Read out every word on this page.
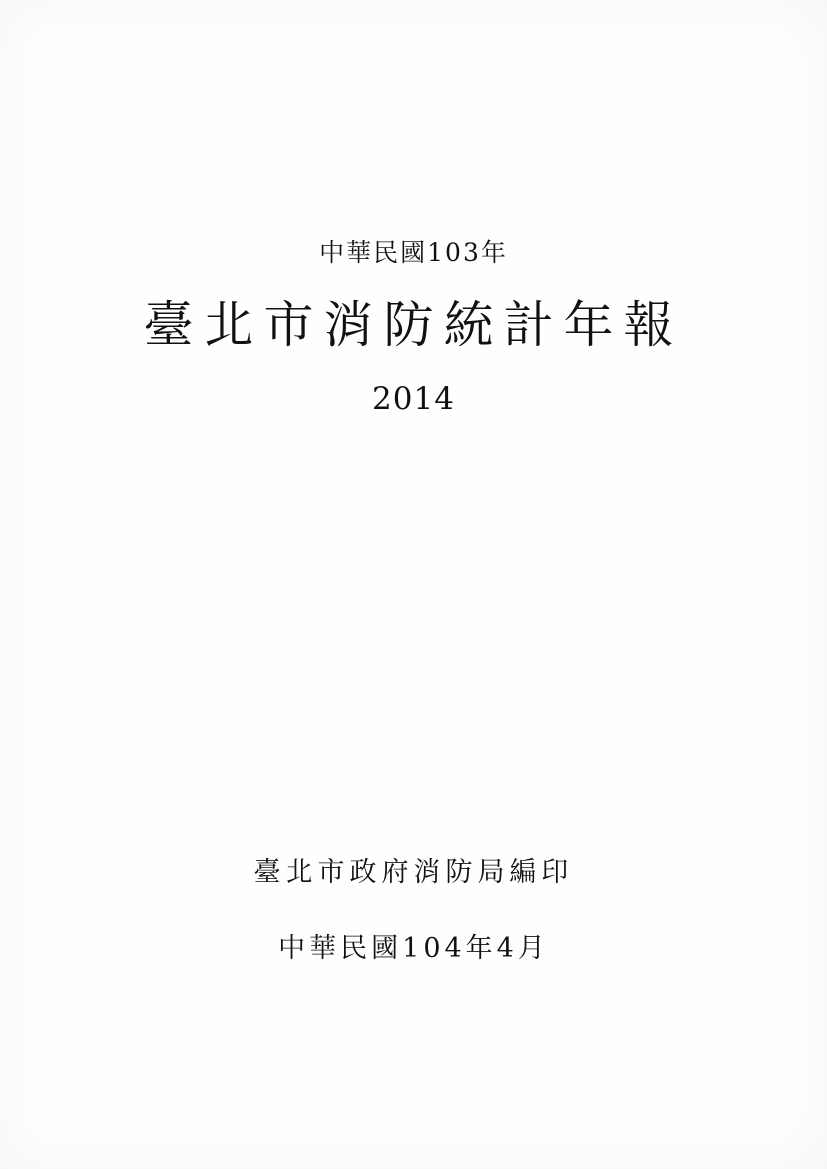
中華民國103年
臺北市消防統計年報
2014
臺北市政府消防局編印
中華民國104年4月
